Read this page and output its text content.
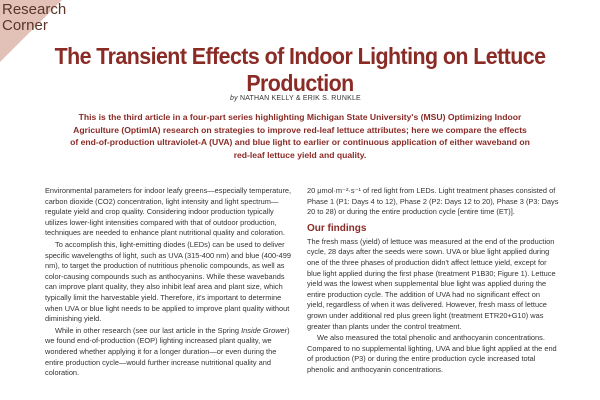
Research
Corner
The Transient Effects of Indoor Lighting on Lettuce Production
by NATHAN KELLY & ERIK S. RUNKLE
This is the third article in a four-part series highlighting Michigan State University's (MSU) Optimizing Indoor Agriculture (OptimIA) research on strategies to improve red-leaf lettuce attributes; here we compare the effects of end-of-production ultraviolet-A (UVA) and blue light to earlier or continuous application of either waveband on red-leaf lettuce yield and quality.

Environmental parameters for indoor leafy greens—especially temperature, carbon dioxide (CO2) concentration, light intensity and light spectrum—regulate yield and crop quality. Considering indoor production typically utilizes lower-light intensities compared with that of outdoor production, techniques are needed to enhance plant nutritional quality and coloration.

To accomplish this, light-emitting diodes (LEDs) can be used to deliver specific wavelengths of light, such as UVA (315-400 nm) and blue (400-499 nm), to target the production of nutritious phenolic compounds, as well as color-causing compounds such as anthocyanins. While these wavebands can improve plant quality, they also inhibit leaf area and plant size, which typically limit the harvestable yield. Therefore, it's important to determine when UVA or blue light needs to be applied to improve plant quality without diminishing yield.

While in other research (see our last article in the Spring Inside Grower) we found end-of-production (EOP) lighting increased plant quality, we wondered whether applying it for a longer duration—or even during the entire production cycle—would further increase nutritional quality and coloration.

20 μmol·m⁻²·s⁻¹ of red light from LEDs. Light treatment phases consisted of Phase 1 (P1: Days 4 to 12), Phase 2 (P2: Days 12 to 20), Phase 3 (P3: Days 20 to 28) or during the entire production cycle [entire time (ET)].

Our findings

The fresh mass (yield) of lettuce was measured at the end of the production cycle, 28 days after the seeds were sown. UVA or blue light applied during one of the three phases of production didn't affect lettuce yield, except for blue light applied during the first phase (treatment P1B30; Figure 1). Lettuce yield was the lowest when supplemental blue light was applied during the entire production cycle. The addition of UVA had no significant effect on yield, regardless of when it was delivered. However, fresh mass of lettuce grown under additional red plus green light (treatment ETR20+G10) was greater than plants under the control treatment.

We also measured the total phenolic and anthocyanin concentrations. Compared to no supplemental lighting, UVA and blue light applied at the end of production (P3) or during the entire production cycle increased total phenolic and anthocyanin concentrations.
